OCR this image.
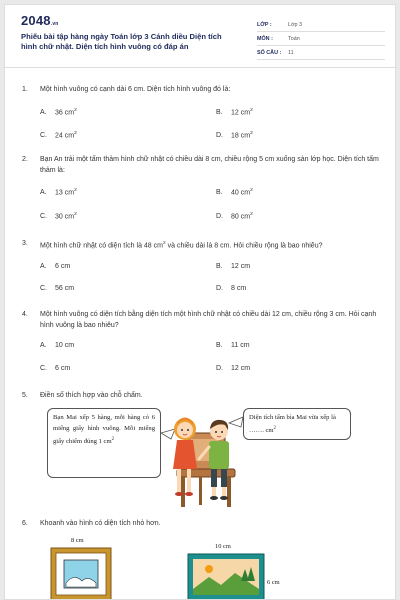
2048.vn
Phiếu bài tập hàng ngày Toán lớp 3 Cánh diều Diện tích hình chữ nhật. Diện tích hình vuông có đáp án
LỚP :	Lớp 3
MÔN :	Toán
SỐ CÂU :	11
1. Một hình vuông có cạnh dài 6 cm. Diện tích hình vuông đó là:
A. 36 $cm^2$	B. 12 $cm^2$
C. 24 $cm^2$	D. 18 $cm^2$
2. Bạn An trải một tấm thảm hình chữ nhật có chiều dài 8 cm, chiều rộng 5 cm xuống sàn lớp học. Diện tích tấm thảm là:
A. 13 $cm^2$	B. 40 $cm^2$
C. 30 $cm^2$	D. 80 $cm^2$
3. Một hình chữ nhật có diện tích là 48 $cm^2$ và chiều dài là 8 cm. Hỏi chiều rộng là bao nhiêu?
A. 6 cm	B. 12 cm
C. 56 cm	D. 8 cm
4. Một hình vuông có diện tích bằng diện tích một hình chữ nhật có chiều dài 12 cm, chiều rộng 3 cm. Hỏi cạnh hình vuông là bao nhiêu?
A. 10 cm	B. 11 cm
C. 6 cm	D. 12 cm
5. Điền số thích hợp vào chỗ chấm.
Bạn Mai xếp 5 hàng, mỗi hàng có 6 miếng giấy hình vuông. Mỗi miếng giấy chiếm đúng 1 $cm^2$
Diện tích tấm bìa Mai vừa xếp là ……. $cm^2$
6. Khoanh vào hình có diện tích nhỏ hơn.
8 cm
10 cm
6 cm
